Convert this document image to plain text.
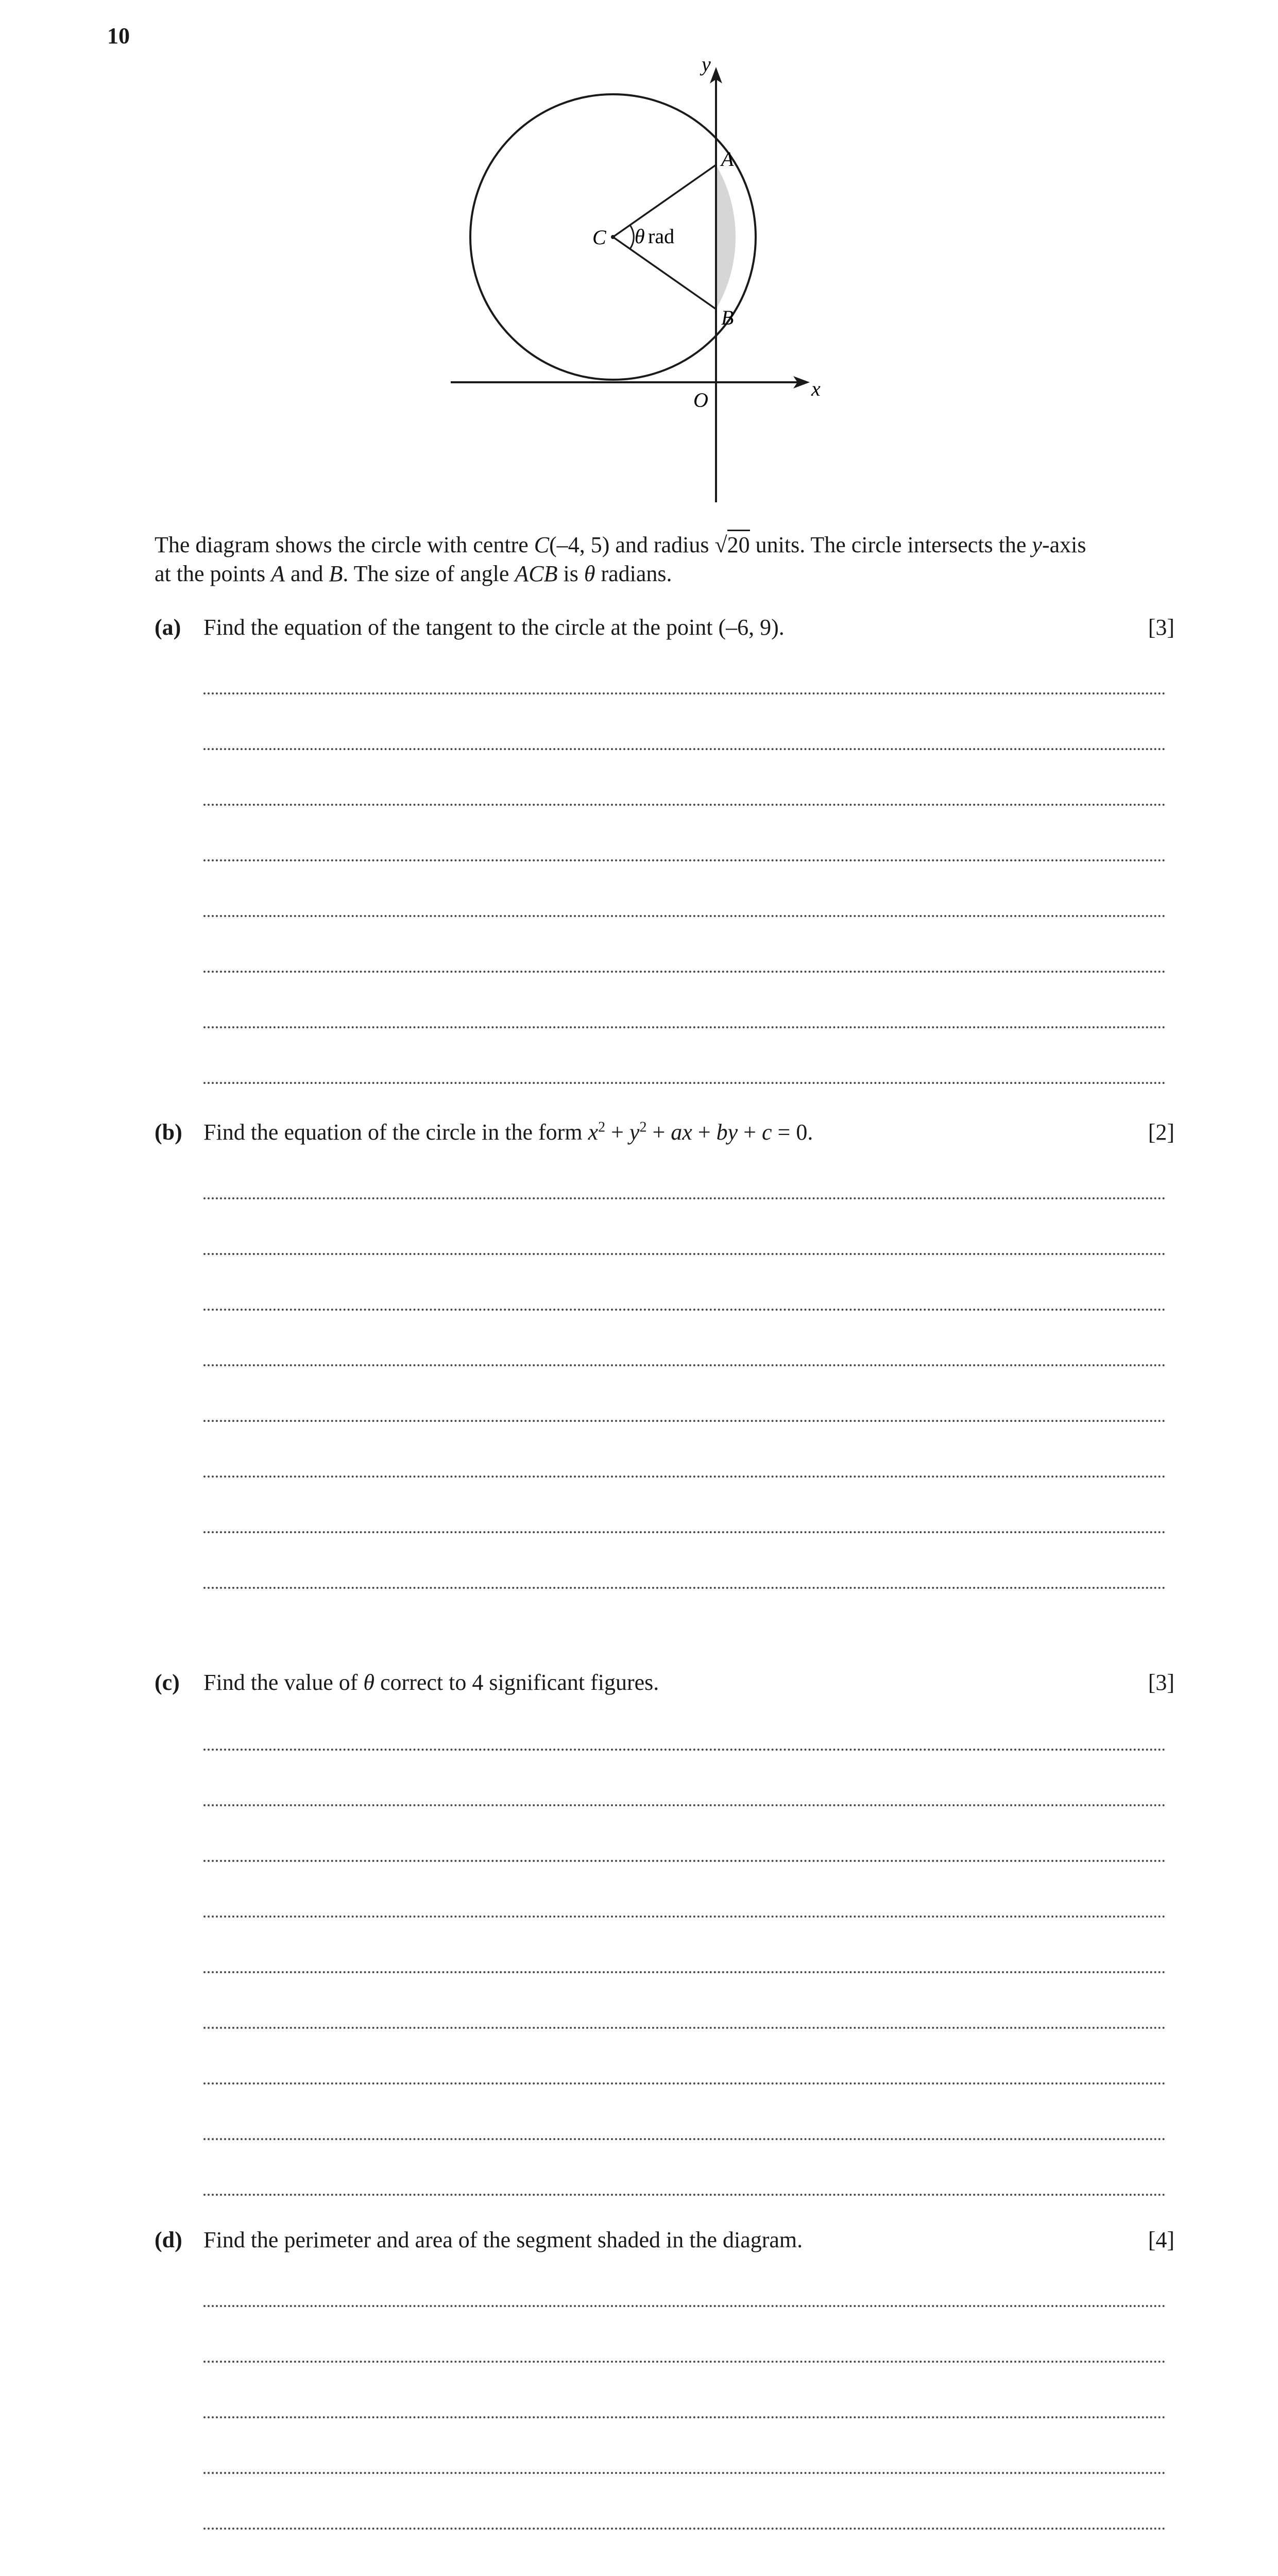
10
y
x
O
A
B
C θ rad

The diagram shows the circle with centre C(–4, 5) and radius √20 units. The circle intersects the y-axis

at the points A and B. The size of angle ACB is θ radians.

(a) Find the equation of the tangent to the circle at the point (–6, 9).	[3]
(b) Find the equation of the circle in the form $x^2 + y^2$ + ax + by + c = 0.	[2]
(c) Find the value of θ correct to 4 significant figures.	[3]
(d) Find the perimeter and area of the segment shaded in the diagram.	[4]
